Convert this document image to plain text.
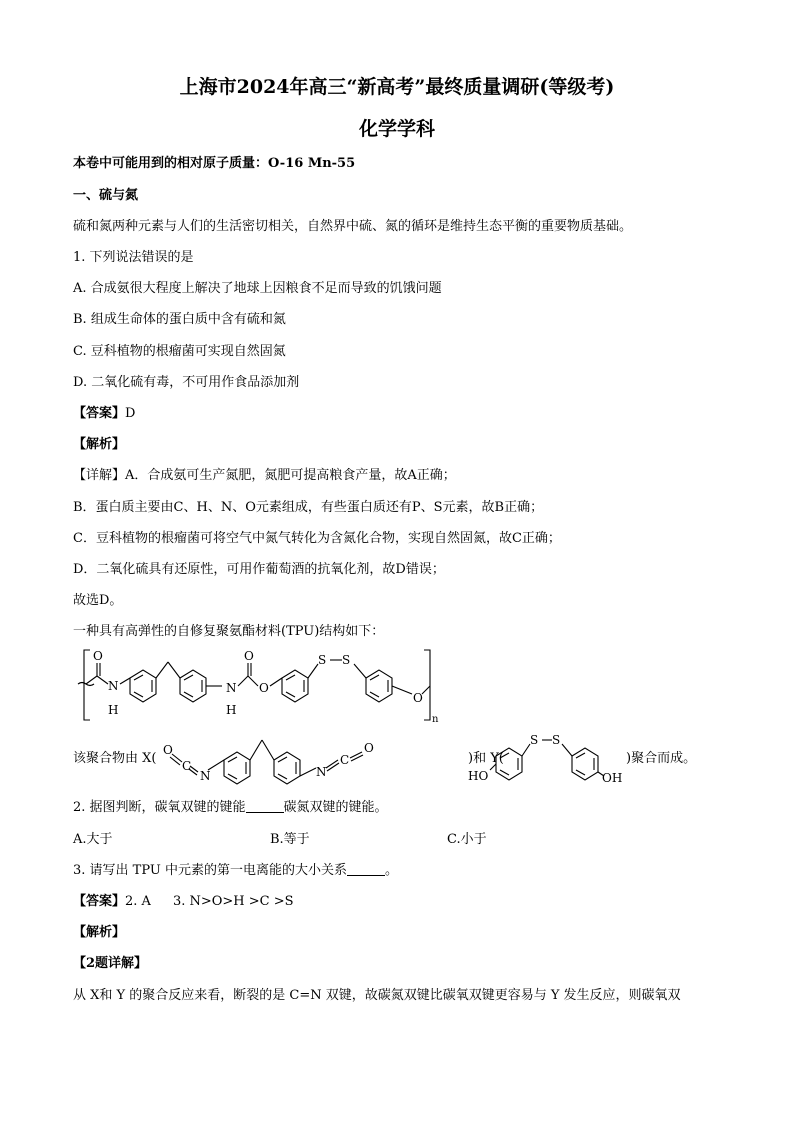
上海市2024年高三“新高考”最终质量调研(等级考)
化学学科
本卷中可能用到的相对原子质量：O-16 Mn-55
一、硫与氮
硫和氮两种元素与人们的生活密切相关，自然界中硫、氮的循环是维持生态平衡的重要物质基础。
1. 下列说法错误的是
A. 合成氨很大程度上解决了地球上因粮食不足而导致的饥饿问题
B. 组成生命体的蛋白质中含有硫和氮
C. 豆科植物的根瘤菌可实现自然固氮
D. 二氧化硫有毒，不可用作食品添加剂
【答案】D
【解析】
【详解】A．合成氨可生产氮肥，氮肥可提高粮食产量，故A正确；
B．蛋白质主要由C、H、N、O元素组成，有些蛋白质还有P、S元素，故B正确；
C．豆科植物的根瘤菌可将空气中氮气转化为含氮化合物，实现自然固氮，故C正确；
D．二氧化硫具有还原性，可用作葡萄酒的抗氧化剂，故D错误；
故选D。
一种具有高弹性的自修复聚氨酯材料(TPU)结构如下：
O
N
H
N
H
O
O
S S
O
n
该聚合物由 X(	)和 Y(	)聚合而成。
O
C
N	N
C
O
HO
S S
OH
2. 据图判断，碳氧双键的键能	碳氮双键的键能。
A.大于	B.等于	C.小于
3. 请写出 TPU 中元素的第一电离能的大小关系	。
【答案】2. A 3. N>O>H >C >S
【解析】
【2题详解】
从 X和 Y 的聚合反应来看，断裂的是 C=N 双键，故碳氮双键比碳氧双键更容易与 Y 发生反应，则碳氧双
